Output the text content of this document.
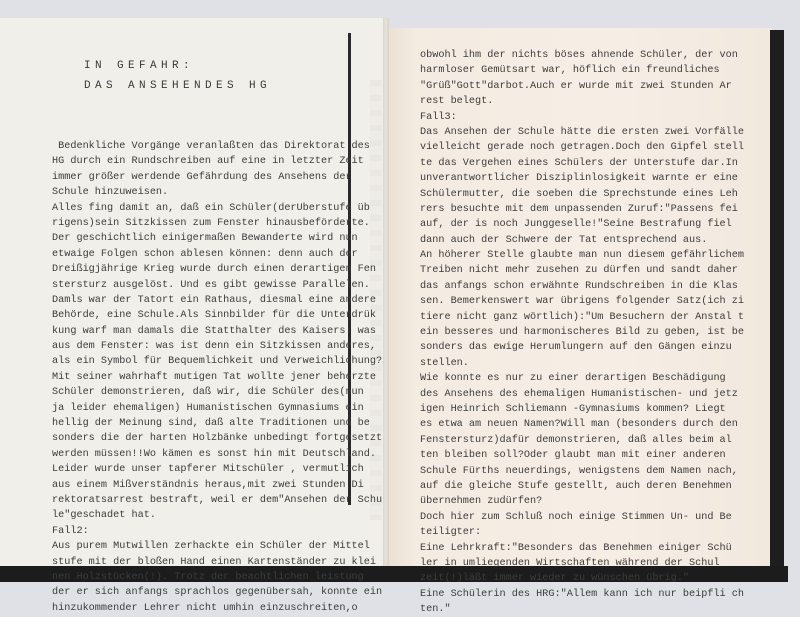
IN GEFAHR:
DAS ANSEHENDES HG
Bedenkliche Vorgänge veranlaßten das Direktorat des
HG durch ein Rundschreiben auf eine in letzter Zeit
immer größer werdende Gefährdung des Ansehens der
Schule hinzuweisen.
Alles fing damit an, daß ein Schüler(derUberstufe üb
rigens)sein Sitzkissen zum Fenster hinausbeförderte.
Der geschichtlich einigermaßen Bewanderte wird nun
etwaige Folgen schon ablesen können: denn auch der
Dreißigjährige Krieg wurde durch einen derartigen Fen
stersturz ausgelöst. Und es gibt gewisse Parallelen.
Damls war der Tatort ein Rathaus, diesmal eine andere
Behörde, eine Schule.Als Sinnbilder für die Unterdrük
kung warf man damals die Statthalter des Kaisers: was
aus dem Fenster: was ist denn ein Sitzkissen anderes,
als ein Symbol für Bequemlichkeit und Verweichlichung?
Mit seiner wahrhaft mutigen Tat wollte jener beherzte
Schüler demonstrieren, daß wir, die Schüler des(nun
ja leider ehemaligen) Humanistischen Gymnasiums ein
hellig der Meinung sind, daß alte Traditionen und be
sonders die der harten Holzbänke unbedingt fortgesetzt
werden müssen!!Wo kämen es sonst hin mit Deutschland.
Leider wurde unser tapferer Mitschüler , vermutlich
aus einem Mißverständnis heraus,mit zwei Stunden Di
rektoratsarrest bestraft, weil er dem"Ansehen der Schu
le"geschadet hat.
Fall2:
Aus purem Mutwillen zerhackte ein Schüler der Mittel
stufe mit der bloßen Hand einen Kartenständer zu klei
nen Holzstücken(!). Trotz der beachtlichen leistung
der er sich anfangs sprachlos gegenübersah, konnte ein
hinzukommender Lehrer nicht umhin einzuschreiten,o
obwohl ihm der nichts böses ahnende Schüler, der von
harmloser Gemütsart war, höflich ein freundliches
"Grüß"Gott"darbot.Auch er wurde mit zwei Stunden Ar
rest belegt.
Fall3:
Das Ansehen der Schule hätte die ersten zwei Vorfälle
vielleicht gerade noch getragen.Doch den Gipfel stell
te das Vergehen eines Schülers der Unterstufe dar.In
unverantwortlicher Disziplinlosigkeit warnte er eine
Schülermutter, die soeben die Sprechstunde eines Leh
rers besuchte mit dem unpassenden Zuruf:"Passens fei
auf, der is noch Junggeselle!"Seine Bestrafung fiel
dann auch der Schwere der Tat entsprechend aus.
An höherer Stelle glaubte man nun diesem gefährlichem
Treiben nicht mehr zusehen zu dürfen und sandt daher
das anfangs schon erwähnte Rundschreiben in die Klas
sen. Bemerkenswert war übrigens folgender Satz(ich zi
tiere nicht ganz wörtlich):"Um Besuchern der Anstal t
ein besseres und harmonischeres Bild zu geben, ist be
sonders das ewige Herumlungern auf den Gängen einzu
stellen.
Wie konnte es nur zu einer derartigen Beschädigung
des Ansehens des ehemaligen Humanistischen- und jetz
igen Heinrich Schliemann -Gymnasiums kommen? Liegt
es etwa am neuen Namen?Will man (besonders durch den
Fenstersturz)dafür demonstrieren, daß alles beim al
ten bleiben soll?Oder glaubt man mit einer anderen
Schule Fürths neuerdings, wenigstens dem Namen nach,
auf die gleiche Stufe gestellt, auch deren Benehmen
übernehmen zudürfen?
Doch hier zum Schluß noch einige Stimmen Un- und Be
teiligter:
Eine Lehrkraft:"Besonders das Benehmen einiger Schü
ler in umliegenden Wirtschaften während der Schul
zeit(!)läßt immer wieder zu wünschen übrig."
Eine Schülerin des HRG:"Allem kann ich nur beipfli ch
ten."
